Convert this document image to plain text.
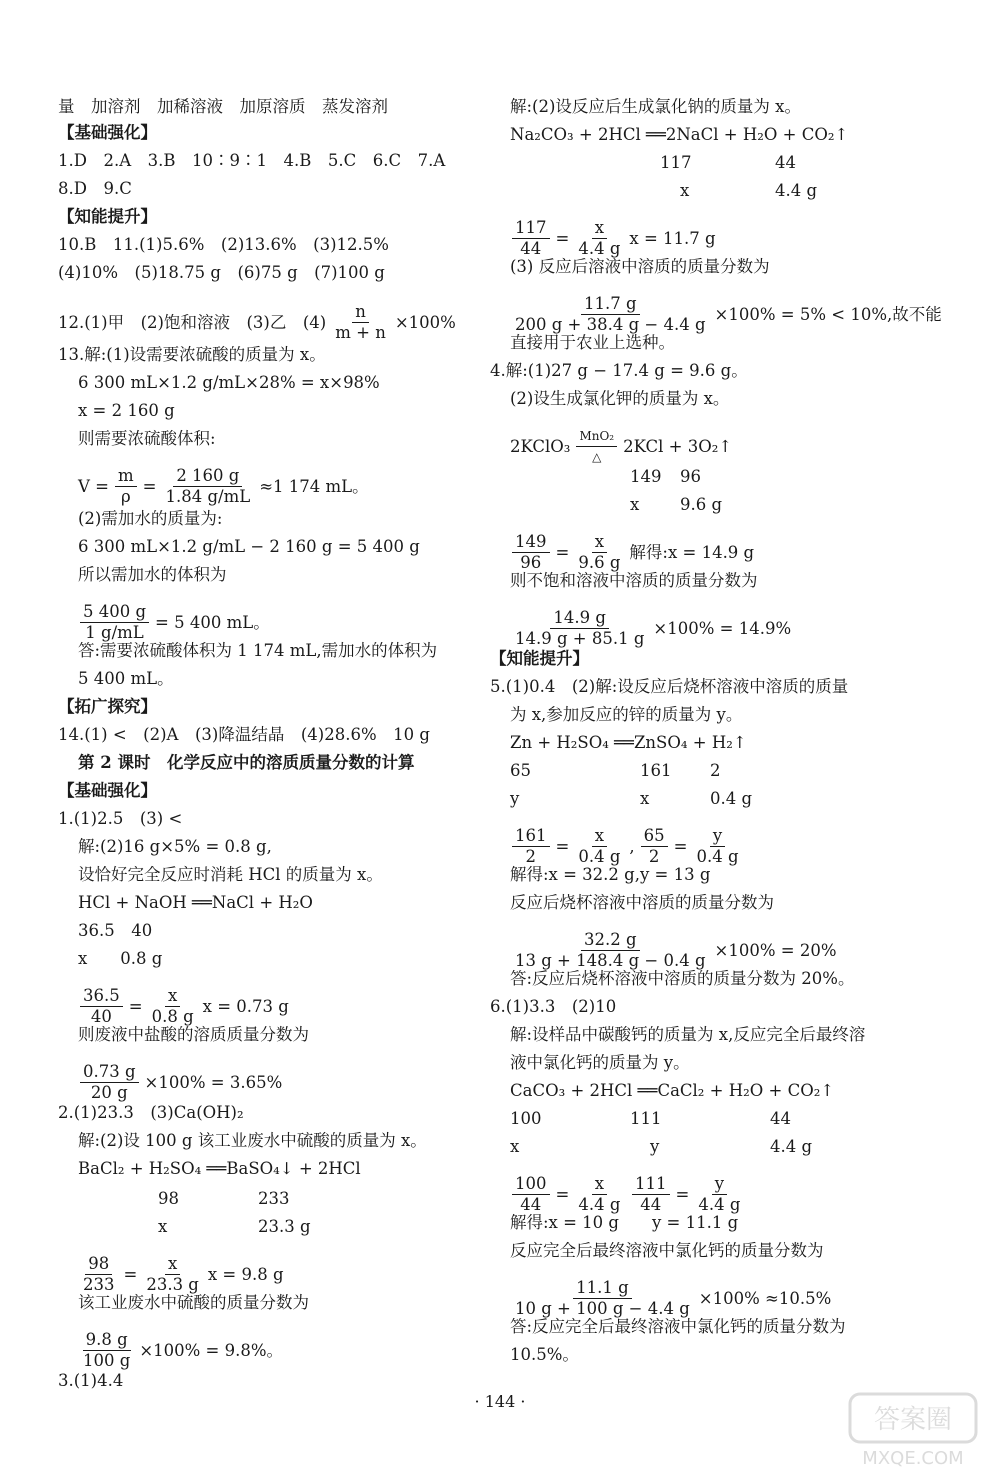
量　加溶剂　加稀溶液　加原溶质　蒸发溶剂
【基础强化】
1.D　2.A　3.B　10∶9∶1　4.B　5.C　6.C　7.A
8.D　9.C
【知能提升】
10.B　11.(1)5.6%　(2)13.6%　(3)12.5%
(4)10%　(5)18.75 g　(6)75 g　(7)100 g
12.(1)甲　(2)饱和溶液　(3)乙　$(4) \frac{n}{m + n} \times 100\%$
13.解:(1)设需要浓硫酸的质量为 x。
6 300 mL×1.2 g/mL×28% = x×98%
x = 2 160 g
则需要浓硫酸体积:
$V = \frac{m}{\rho} = \frac{2 160 g}{1.84 g/mL} \approx 1$ 174 mL。
(2)需加水的质量为:
6 300 mL×1.2 g/mL − 2 160 g = 5 400 g
所以需加水的体积为
$\frac{5 400 g}{1 g/mL} = 5$ 400 mL。
答:需要浓硫酸体积为 1 174 mL,需加水的体积为
5 400 mL。
【拓广探究】
14.(1) <　(2)A　(3)降温结晶　(4)28.6%　10 g
第 2 课时　化学反应中的溶质质量分数的计算
【基础强化】
1.(1)2.5　(3) <
解:(2)16 g×5% = 0.8 g,
设恰好完全反应时消耗 HCl 的质量为 x。
HCl + NaOH ══NaCl + H₂O
36.5　40
x　　0.8 g
$\frac{36.5}{40} = \frac{x}{0.8 g}$ x = 0.73 g
则废液中盐酸的溶质质量分数为
$\frac{0.73 g}{20 g} \times 100\% = 3.65\%$
2.(1)23.3　(3)Ca(OH)₂
解:(2)设 100 g 该工业废水中硫酸的质量为 x。
BaCl₂ + H₂SO₄ ══BaSO₄↓ + 2HCl
98	233
x	23.3 g
$\frac{98}{233} = \frac{x}{23.3 g}$ x = 9.8 g
该工业废水中硫酸的质量分数为
$\frac{9.8 g}{100 g} \times 100\% = 9.8\%$。
3.(1)4.4
解:(2)设反应后生成氯化钠的质量为 x。
Na₂CO₃ + 2HCl ══2NaCl + H₂O + CO₂↑
117	44
x	4.4 g
$\frac{117}{44} = \frac{x}{4.4 g}$ x = 11.7 g
(3) 反应后溶液中溶质的质量分数为
$\frac{11.7 g}{200 g + 38.4 g - 4.4 g} \times 100\% = 5\% < 10\%$,故不能
直接用于农业上选种。
4.解:(1)27 g − 17.4 g = 9.6 g。
(2)设生成氯化钾的质量为 x。
2KClO₃ $\frac{\text{MnO₂}}{\triangle} 2KCl$ + 3O₂↑
149 96
x 9.6 g
$\frac{149}{96} = \frac{x}{9.6 g}$ 解得:x = 14.9 g
则不饱和溶液中溶质的质量分数为
$\frac{14.9 g}{14.9 g + 85.1 g} \times 100\% = 14.9\%$
【知能提升】
5.(1)0.4　(2)解:设反应后烧杯溶液中溶质的质量
为 x,参加反应的锌的质量为 y。
Zn + H₂SO₄ ══ZnSO₄ + H₂↑
65	161 2
y	x	0.4 g
$\frac{161}{2} = \frac{x}{0.4 g}$ , $\frac{65}{2} = \frac{y}{0.4 g}$
解得:x = 32.2 g,y = 13 g
反应后烧杯溶液中溶质的质量分数为
$\frac{32.2 g}{13 g + 148.4 g - 0.4 g} \times 100\% = 20\%$
答:反应后烧杯溶液中溶质的质量分数为 20%。
6.(1)3.3　(2)10
解:设样品中碳酸钙的质量为 x,反应完全后最终溶
液中氯化钙的质量为 y。
CaCO₃ + 2HCl ══CaCl₂ + H₂O + CO₂↑
100	111	44
x	y	4.4 g
$\frac{100}{44} = \frac{x}{4.4 g} \frac{111}{44} = \frac{y}{4.4 g}$
解得:x = 10 g　　y = 11.1 g
反应完全后最终溶液中氯化钙的质量分数为
$\frac{11.1 g}{10 g + 100 g - 4.4 g} \times 100\% \approx 10.5\%$
答:反应完全后最终溶液中氯化钙的质量分数为
10.5%。
· 144 ·
答案圈
MXQE.COM
